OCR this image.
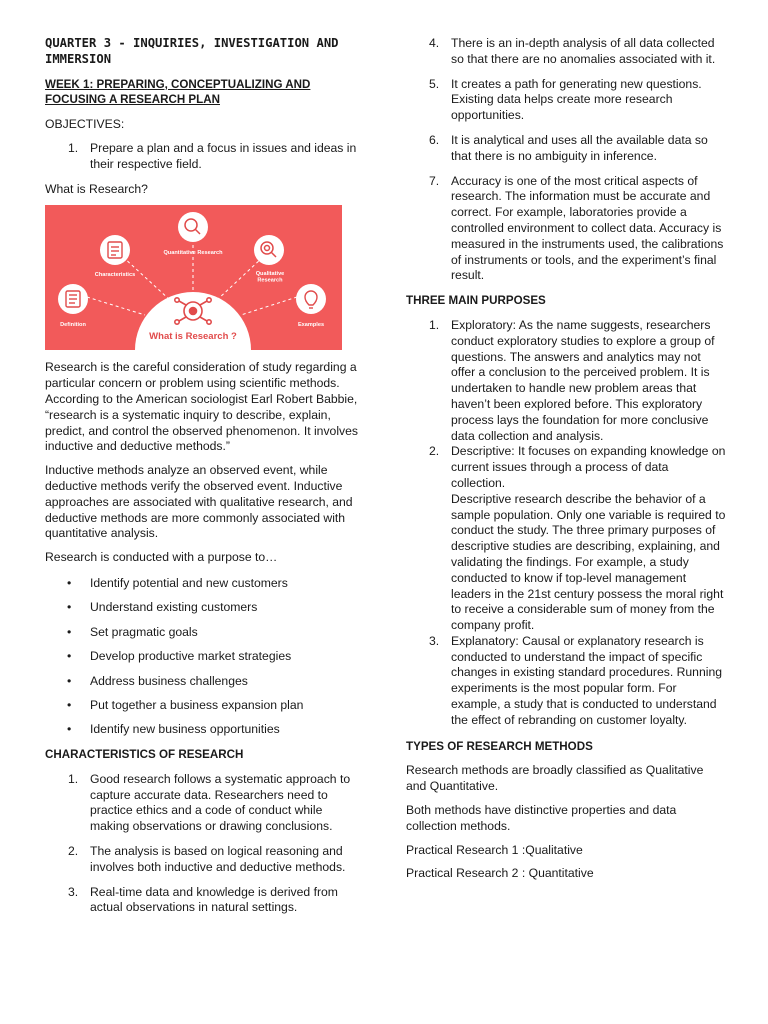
QUARTER 3 - INQUIRIES, INVESTIGATION AND IMMERSION
WEEK 1: PREPARING, CONCEPTUALIZING AND FOCUSING A RESEARCH PLAN

OBJECTIVES:

1. Prepare a plan and a focus in issues and ideas in their respective field.

What is Research?

What is Research ?
Quantitative Research
Characteristics	Qualitative Research
Definition	Examples

Research is the careful consideration of study regarding a particular concern or problem using scientific methods. According to the American sociologist Earl Robert Babbie, “research is a systematic inquiry to describe, explain, predict, and control the observed phenomenon. It involves inductive and deductive methods.”

Inductive methods analyze an observed event, while deductive methods verify the observed event. Inductive approaches are associated with qualitative research, and deductive methods are more commonly associated with quantitative analysis.

Research is conducted with a purpose to…

• Identify potential and new customers
• Understand existing customers
• Set pragmatic goals
• Develop productive market strategies
• Address business challenges
• Put together a business expansion plan
• Identify new business opportunities
CHARACTERISTICS OF RESEARCH
1. Good research follows a systematic approach to capture accurate data. Researchers need to practice ethics and a code of conduct while making observations or drawing conclusions.
2. The analysis is based on logical reasoning and involves both inductive and deductive methods.
3. Real-time data and knowledge is derived from actual observations in natural settings.
4. There is an in-depth analysis of all data collected so that there are no anomalies associated with it.
5. It creates a path for generating new questions. Existing data helps create more research opportunities.
6. It is analytical and uses all the available data so that there is no ambiguity in inference.
7. Accuracy is one of the most critical aspects of research. The information must be accurate and correct. For example, laboratories provide a controlled environment to collect data. Accuracy is measured in the instruments used, the calibrations of instruments or tools, and the experiment’s final result.
THREE MAIN PURPOSES
1. Exploratory: As the name suggests, researchers conduct exploratory studies to explore a group of questions. The answers and analytics may not offer a conclusion to the perceived problem. It is undertaken to handle new problem areas that haven’t been explored before. This exploratory process lays the foundation for more conclusive data collection and analysis.
2. Descriptive: It focuses on expanding knowledge on current issues through a process of data collection.
Descriptive research describe the behavior of a sample population. Only one variable is required to conduct the study. The three primary purposes of descriptive studies are describing, explaining, and validating the findings. For example, a study conducted to know if top-level management leaders in the 21st century possess the moral right to receive a considerable sum of money from the company profit.
3. Explanatory: Causal or explanatory research is conducted to understand the impact of specific changes in existing standard procedures. Running experiments is the most popular form. For example, a study that is conducted to understand the effect of rebranding on customer loyalty.
TYPES OF RESEARCH METHODS

Research methods are broadly classified as Qualitative and Quantitative.

Both methods have distinctive properties and data collection methods.

Practical Research 1 :Qualitative

Practical Research 2 : Quantitative
